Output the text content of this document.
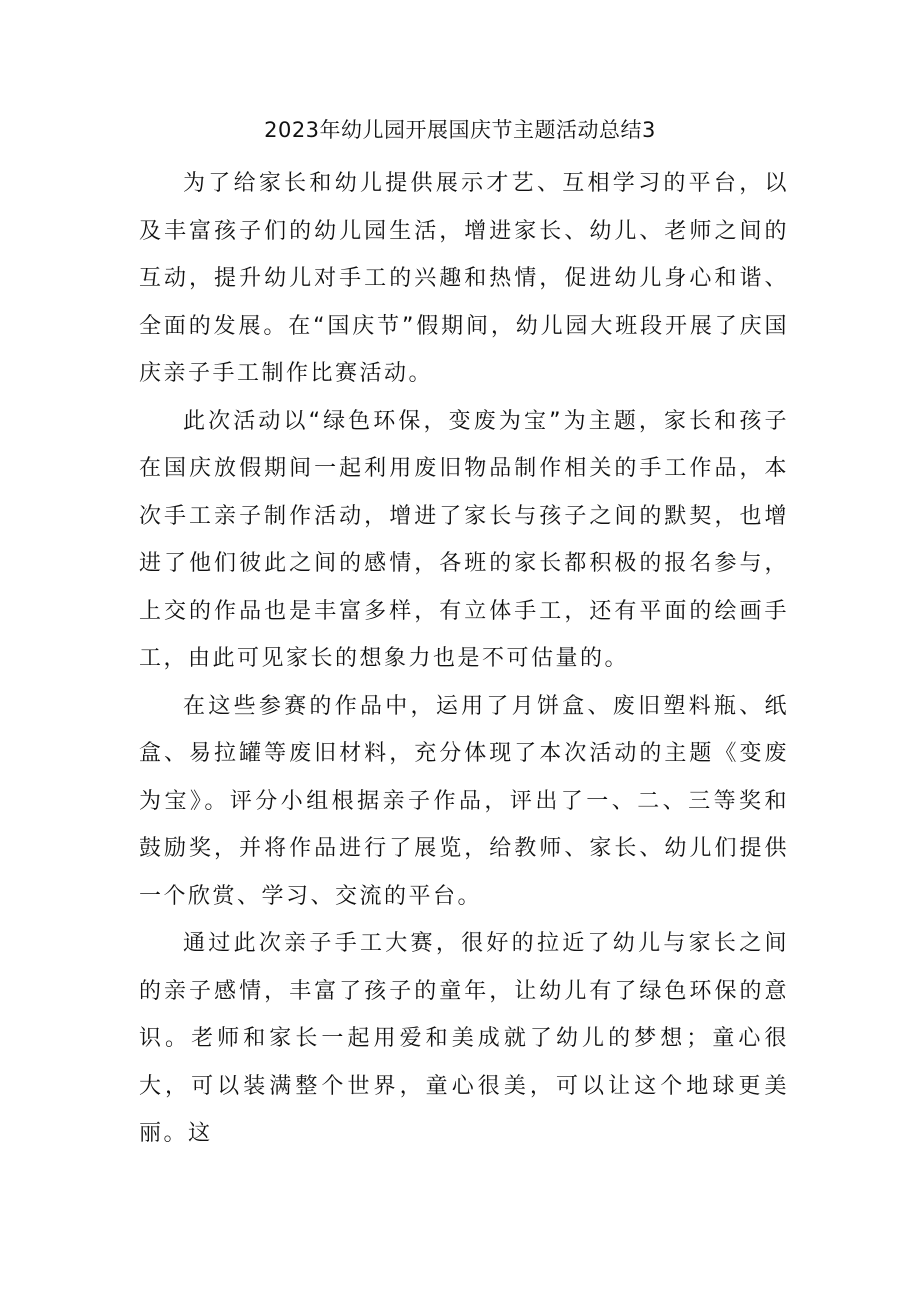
2023年幼儿园开展国庆节主题活动总结3

为了给家长和幼儿提供展示才艺、互相学习的平台，以及丰富孩子们的幼儿园生活，增进家长、幼儿、老师之间的互动，提升幼儿对手工的兴趣和热情，促进幼儿身心和谐、全面的发展。在“国庆节”假期间，幼儿园大班段开展了庆国庆亲子手工制作比赛活动。

此次活动以“绿色环保，变废为宝”为主题，家长和孩子在国庆放假期间一起利用废旧物品制作相关的手工作品，本次手工亲子制作活动，增进了家长与孩子之间的默契，也增进了他们彼此之间的感情，各班的家长都积极的报名参与，上交的作品也是丰富多样，有立体手工，还有平面的绘画手工，由此可见家长的想象力也是不可估量的。

在这些参赛的作品中，运用了月饼盒、废旧塑料瓶、纸盒、易拉罐等废旧材料，充分体现了本次活动的主题《变废为宝》。评分小组根据亲子作品，评出了一、二、三等奖和鼓励奖，并将作品进行了展览，给教师、家长、幼儿们提供一个欣赏、学习、交流的平台。

通过此次亲子手工大赛，很好的拉近了幼儿与家长之间的亲子感情，丰富了孩子的童年，让幼儿有了绿色环保的意识。老师和家长一起用爱和美成就了幼儿的梦想；童心很大，可以装满整个世界，童心很美，可以让这个地球更美丽。这
